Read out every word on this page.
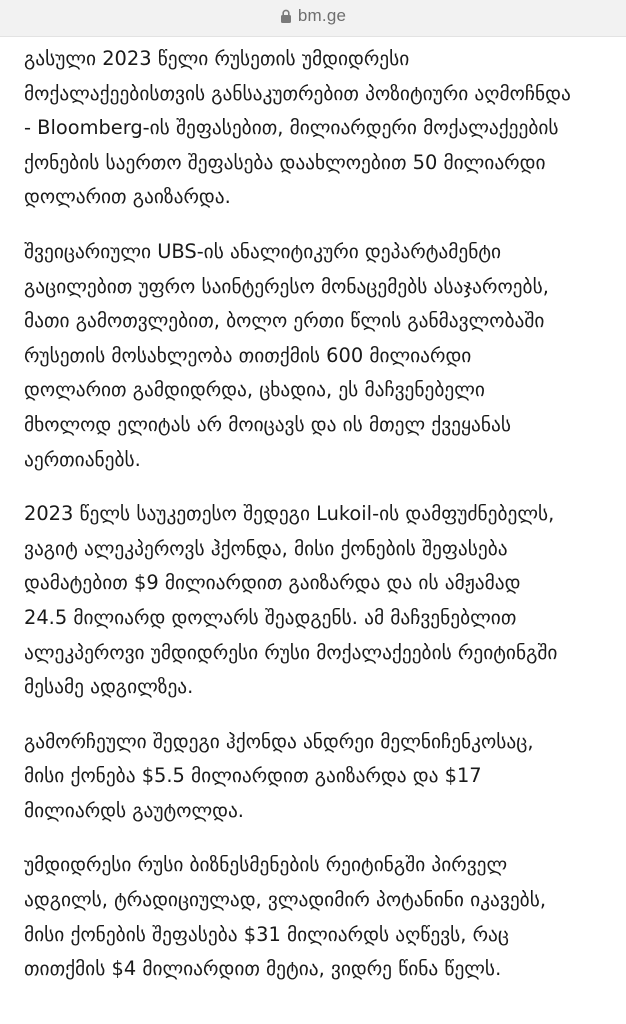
bm.ge

გასული 2023 წელი რუსეთის უმდიდრესი
მოქალაქეებისთვის განსაკუთრებით პოზიტიური აღმოჩნდა
- Bloomberg-ის შეფასებით, მილიარდერი მოქალაქეების
ქონების საერთო შეფასება დაახლოებით 50 მილიარდი
დოლარით გაიზარდა.

შვეიცარიული UBS-ის ანალიტიკური დეპარტამენტი
გაცილებით უფრო საინტერესო მონაცემებს ასაჯაროებს,
მათი გამოთვლებით, ბოლო ერთი წლის განმავლობაში
რუსეთის მოსახლეობა თითქმის 600 მილიარდი
დოლარით გამდიდრდა, ცხადია, ეს მაჩვენებელი
მხოლოდ ელიტას არ მოიცავს და ის მთელ ქვეყანას
აერთიანებს.

2023 წელს საუკეთესო შედეგი Lukoil-ის დამფუძნებელს,
ვაგიტ ალეკპეროვს ჰქონდა, მისი ქონების შეფასება
დამატებით $9 მილიარდით გაიზარდა და ის ამჟამად
24.5 მილიარდ დოლარს შეადგენს. ამ მაჩვენებლით
ალეკპეროვი უმდიდრესი რუსი მოქალაქეების რეიტინგში
მესამე ადგილზეა.

გამორჩეული შედეგი ჰქონდა ანდრეი მელნიჩენკოსაც,
მისი ქონება $5.5 მილიარდით გაიზარდა და $17
მილიარდს გაუტოლდა.

უმდიდრესი რუსი ბიზნესმენების რეიტინგში პირველ
ადგილს, ტრადიციულად, ვლადიმირ პოტანინი იკავებს,
მისი ქონების შეფასება $31 მილიარდს აღწევს, რაც
თითქმის $4 მილიარდით მეტია, ვიდრე წინა წელს.
